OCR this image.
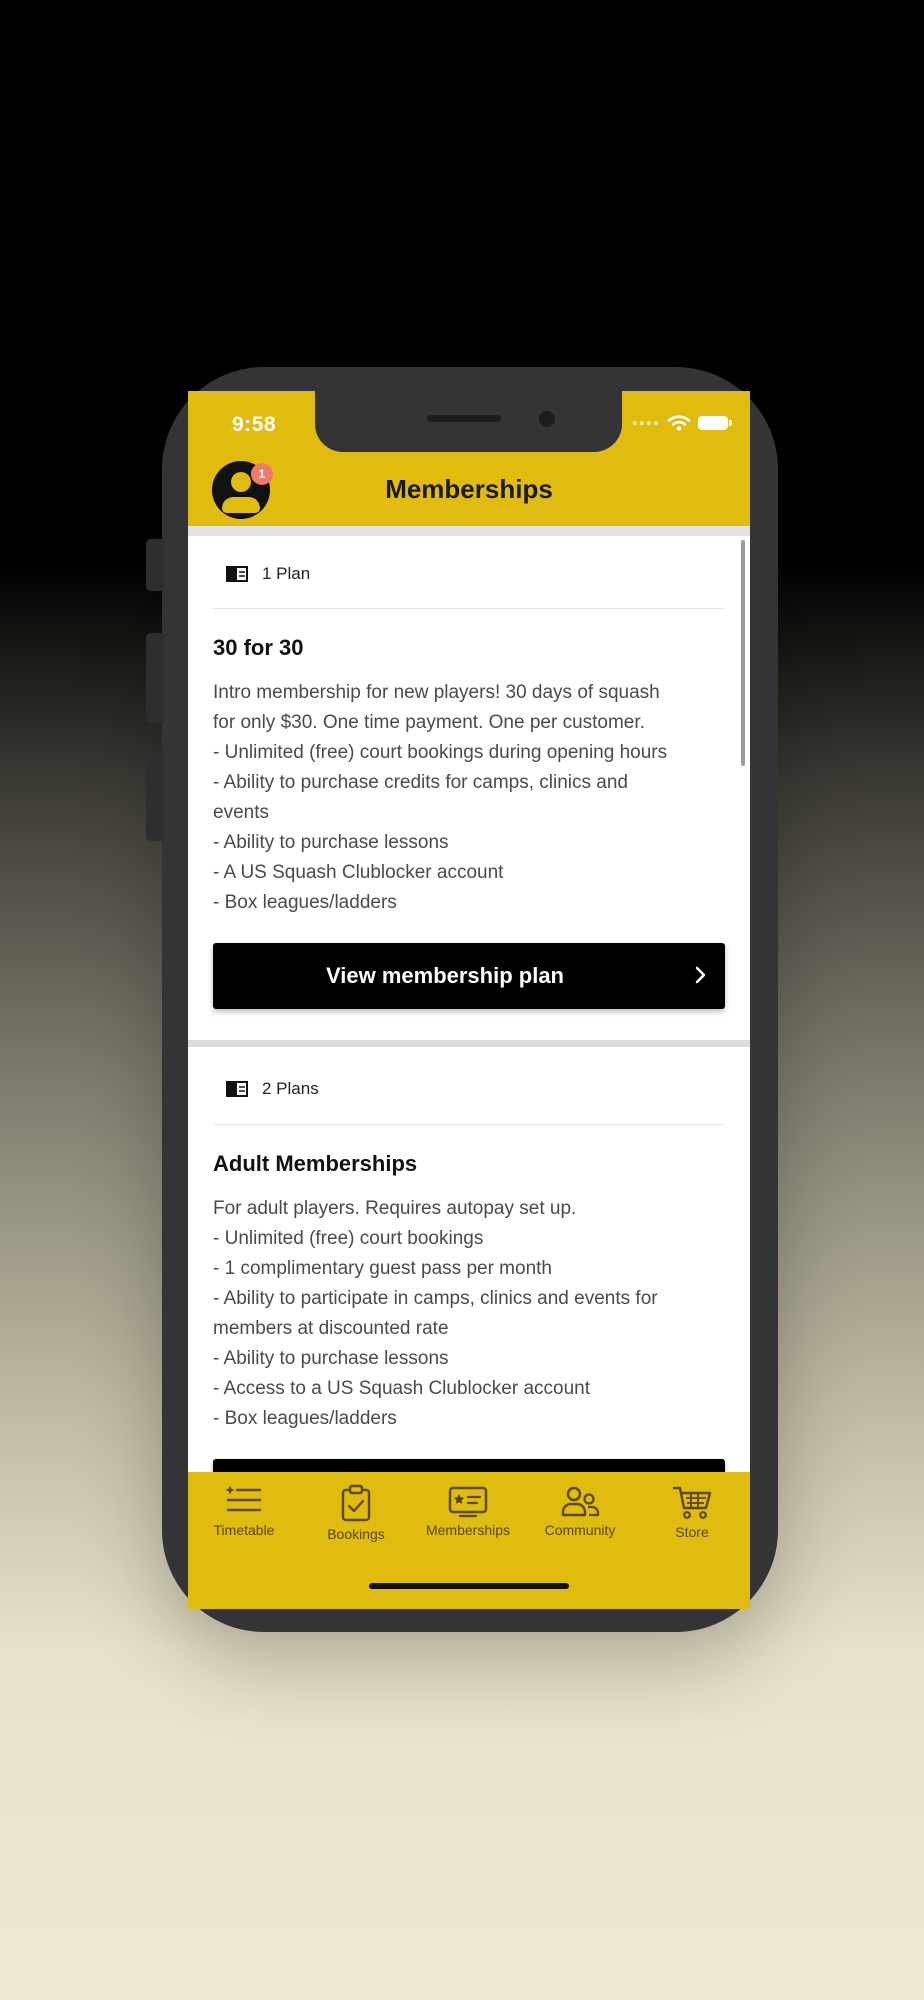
9:58	●●●●
1	Memberships
1 Plan
30 for 30
Intro membership for new players! 30 days of squash
for only $30. One time payment. One per customer.
- Unlimited (free) court bookings during opening hours
- Ability to purchase credits for camps, clinics and
events
- Ability to purchase lessons
- A US Squash Clublocker account
- Box leagues/ladders
View membership plan
2 Plans
Adult Memberships
For adult players. Requires autopay set up.
- Unlimited (free) court bookings
- 1 complimentary guest pass per month
- Ability to participate in camps, clinics and events for
members at discounted rate
- Ability to purchase lessons
- Access to a US Squash Clublocker account
- Box leagues/ladders
Timetable	Bookings	Memberships	Community	Store
